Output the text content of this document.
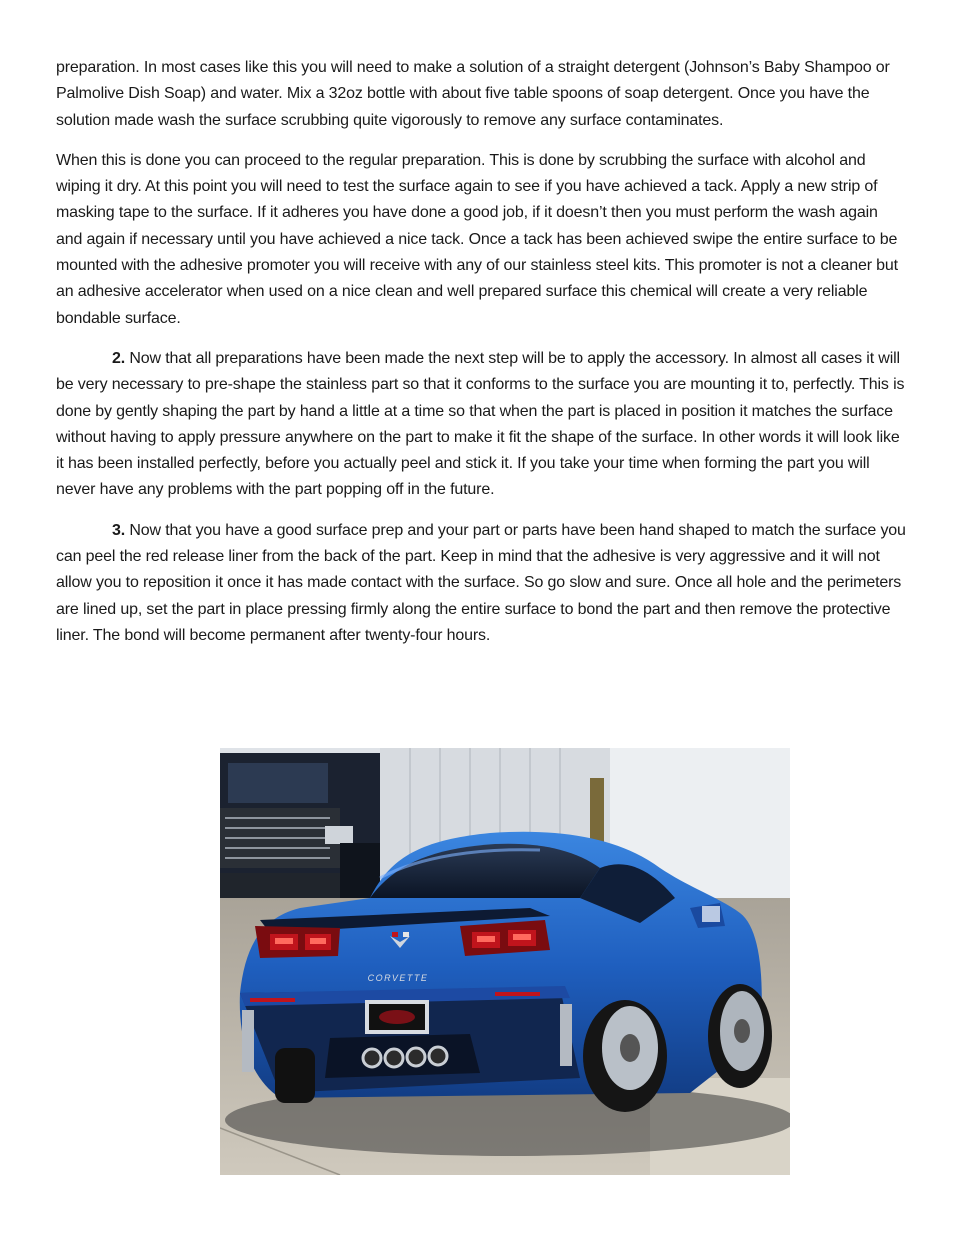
preparation. In most cases like this you will need to make a solution of a straight detergent (Johnson’s Baby Shampoo or Palmolive Dish Soap) and water. Mix a 32oz bottle with about five table spoons of soap detergent. Once you have the solution made wash the surface scrubbing quite vigorously to remove any surface contaminates.

When this is done you can proceed to the regular preparation. This is done by scrubbing the surface with alcohol and wiping it dry. At this point you will need to test the surface again to see if you have achieved a tack. Apply a new strip of masking tape to the surface. If it adheres you have done a good job, if it doesn’t then you must perform the wash again and again if necessary until you have achieved a nice tack. Once a tack has been achieved swipe the entire surface to be mounted with the adhesive promoter you will receive with any of our stainless steel kits. This promoter is not a cleaner but an adhesive accelerator when used on a nice clean and well prepared surface this chemical will create a very reliable bondable surface.

2. Now that all preparations have been made the next step will be to apply the accessory. In almost all cases it will be very necessary to pre-shape the stainless part so that it conforms to the surface you are mounting it to, perfectly. This is done by gently shaping the part by hand a little at a time so that when the part is placed in position it matches the surface without having to apply pressure anywhere on the part to make it fit the shape of the surface. In other words it will look like it has been installed perfectly, before you actually peel and stick it. If you take your time when forming the part you will never have any problems with the part popping off in the future.

3. Now that you have a good surface prep and your part or parts have been hand shaped to match the surface you can peel the red release liner from the back of the part. Keep in mind that the adhesive is very aggressive and it will not allow you to reposition it once it has made contact with the surface. So go slow and sure. Once all hole and the perimeters are lined up, set the part in place pressing firmly along the entire surface to bond the part and then remove the protective liner. The bond will become permanent after twenty-four hours.

CORVETTE
